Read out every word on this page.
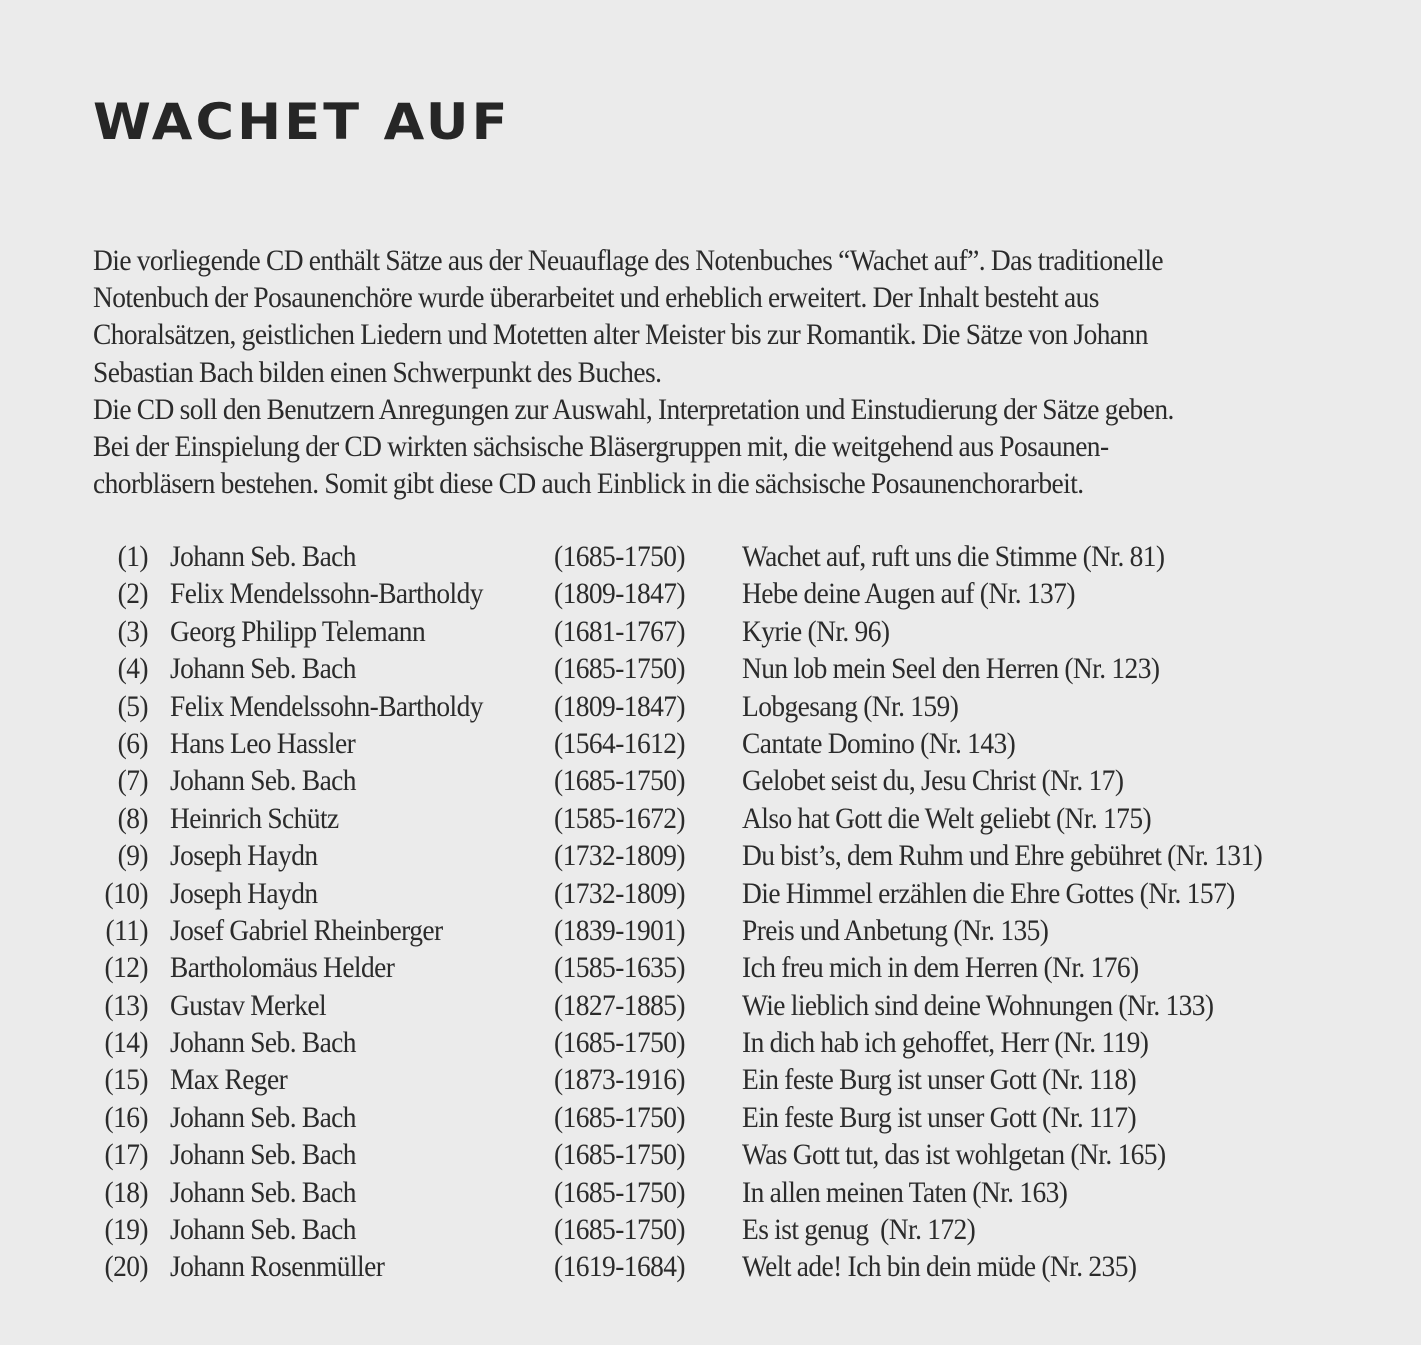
WACHET AUF

Die vorliegende CD enthält Sätze aus der Neuauflage des Notenbuches “Wachet auf”. Das traditionelle

Notenbuch der Posaunenchöre wurde überarbeitet und erheblich erweitert. Der Inhalt besteht aus

Choralsätzen, geistlichen Liedern und Motetten alter Meister bis zur Romantik. Die Sätze von Johann

Sebastian Bach bilden einen Schwerpunkt des Buches.

Die CD soll den Benutzern Anregungen zur Auswahl, Interpretation und Einstudierung der Sätze geben.

Bei der Einspielung der CD wirkten sächsische Bläsergruppen mit, die weitgehend aus Posaunen-

chorbläsern bestehen. Somit gibt diese CD auch Einblick in die sächsische Posaunenchorarbeit.

(1) Johann Seb. Bach	(1685-1750) Wachet auf, ruft uns die Stimme (Nr. 81)
(2) Felix Mendelssohn-Bartholdy (1809-1847) Hebe deine Augen auf (Nr. 137)
(3) Georg Philipp Telemann	(1681-1767) Kyrie (Nr. 96)
(4) Johann Seb. Bach	(1685-1750) Nun lob mein Seel den Herren (Nr. 123)
(5) Felix Mendelssohn-Bartholdy (1809-1847) Lobgesang (Nr. 159)
(6) Hans Leo Hassler	(1564-1612) Cantate Domino (Nr. 143)
(7) Johann Seb. Bach	(1685-1750) Gelobet seist du, Jesu Christ (Nr. 17)
(8) Heinrich Schütz	(1585-1672) Also hat Gott die Welt geliebt (Nr. 175)
(9) Joseph Haydn	(1732-1809) Du bist’s, dem Ruhm und Ehre gebühret (Nr. 131)
(10) Joseph Haydn	(1732-1809) Die Himmel erzählen die Ehre Gottes (Nr. 157)
(11) Josef Gabriel Rheinberger	(1839-1901) Preis und Anbetung (Nr. 135)
(12) Bartholomäus Helder	(1585-1635) Ich freu mich in dem Herren (Nr. 176)
(13) Gustav Merkel	(1827-1885) Wie lieblich sind deine Wohnungen (Nr. 133)
(14) Johann Seb. Bach	(1685-1750) In dich hab ich gehoffet, Herr (Nr. 119)
(15) Max Reger	(1873-1916) Ein feste Burg ist unser Gott (Nr. 118)
(16) Johann Seb. Bach	(1685-1750) Ein feste Burg ist unser Gott (Nr. 117)
(17) Johann Seb. Bach	(1685-1750) Was Gott tut, das ist wohlgetan (Nr. 165)
(18) Johann Seb. Bach	(1685-1750) In allen meinen Taten (Nr. 163)
(19) Johann Seb. Bach	(1685-1750) Es ist genug  (Nr. 172)
(20) Johann Rosenmüller	(1619-1684) Welt ade! Ich bin dein müde (Nr. 235)
